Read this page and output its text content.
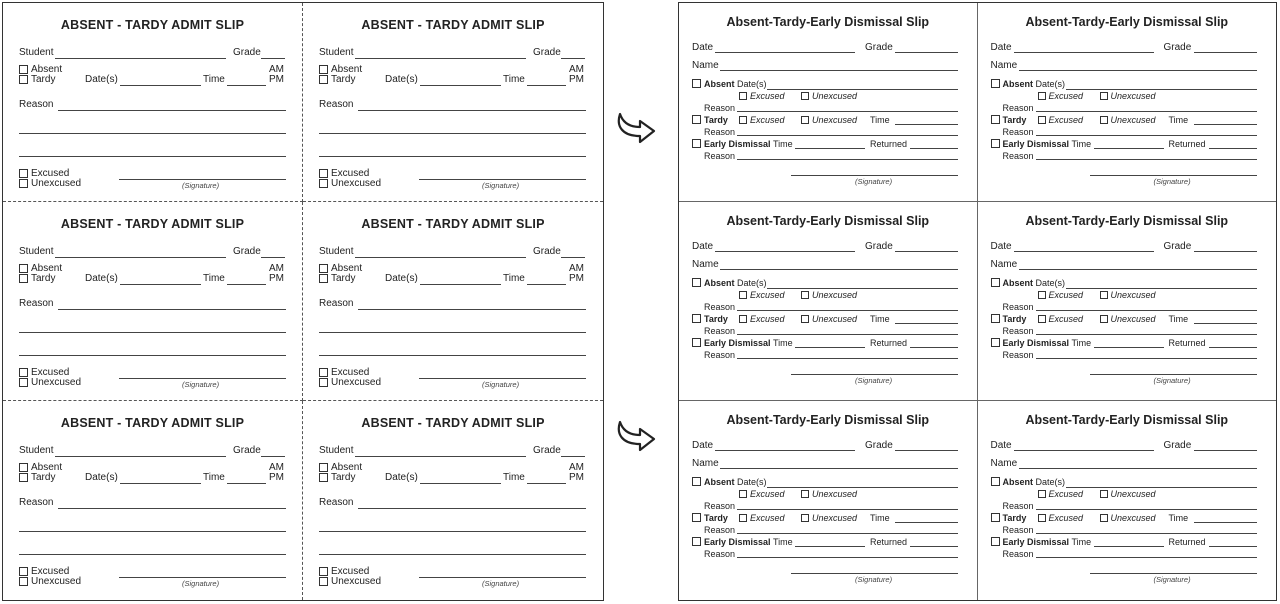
ABSENT - TARDY ADMIT SLIP
Student	Grade
Absent	AM
Tardy	Date(s)	Time	PM
Reason
Excused
Unexcused	(Signature)
ABSENT - TARDY ADMIT SLIP
Student	Grade
Absent	AM
Tardy	Date(s)	Time	PM
Reason
Excused
Unexcused	(Signature)
ABSENT - TARDY ADMIT SLIP
Student	Grade
Absent	AM
Tardy	Date(s)	Time	PM
Reason
Excused
Unexcused	(Signature)
ABSENT - TARDY ADMIT SLIP
Student	Grade
Absent	AM
Tardy	Date(s)	Time	PM
Reason
Excused
Unexcused	(Signature)
ABSENT - TARDY ADMIT SLIP
Student	Grade
Absent	AM
Tardy	Date(s)	Time	PM
Reason
Excused
Unexcused	(Signature)
ABSENT - TARDY ADMIT SLIP
Student	Grade
Absent	AM
Tardy	Date(s)	Time	PM
Reason
Excused
Unexcused	(Signature)
Absent-Tardy-Early Dismissal Slip
Date	Grade
Name
Absent Date(s)
Excused	Unexcused
Reason
Tardy Excused	Unexcused Time
Reason
Early Dismissal Time	Returned
Reason
(Signature)
Absent-Tardy-Early Dismissal Slip
Date	Grade
Name
Absent Date(s)
Excused	Unexcused
Reason
Tardy Excused	Unexcused Time
Reason
Early Dismissal Time	Returned
Reason
(Signature)
Absent-Tardy-Early Dismissal Slip
Date	Grade
Name
Absent Date(s)
Excused	Unexcused
Reason
Tardy Excused	Unexcused Time
Reason
Early Dismissal Time	Returned
Reason
(Signature)
Absent-Tardy-Early Dismissal Slip
Date	Grade
Name
Absent Date(s)
Excused	Unexcused
Reason
Tardy Excused	Unexcused Time
Reason
Early Dismissal Time	Returned
Reason
(Signature)
Absent-Tardy-Early Dismissal Slip
Date	Grade
Name
Absent Date(s)
Excused	Unexcused
Reason
Tardy Excused	Unexcused Time
Reason
Early Dismissal Time	Returned
Reason
(Signature)
Absent-Tardy-Early Dismissal Slip
Date	Grade
Name
Absent Date(s)
Excused	Unexcused
Reason
Tardy Excused	Unexcused Time
Reason
Early Dismissal Time	Returned
Reason
(Signature)
